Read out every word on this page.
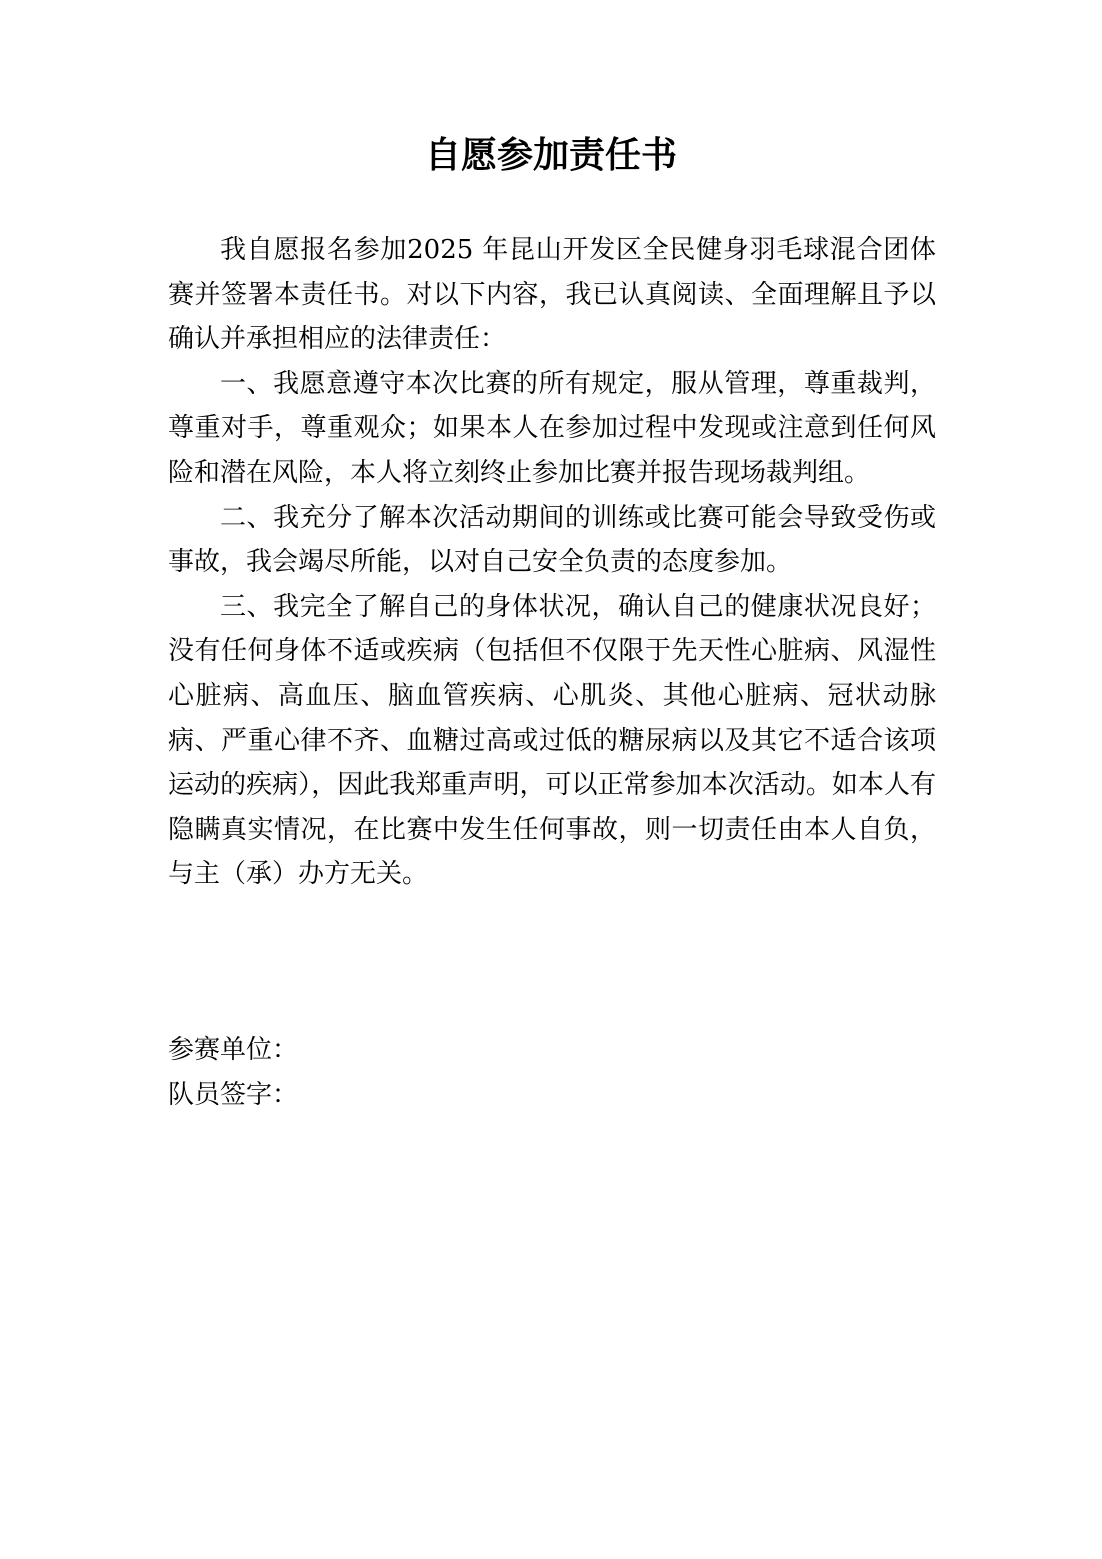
自愿参加责任书

我自愿报名参加2025 年昆山开发区全民健身羽毛球混合团体赛并签署本责任书。对以下内容，我已认真阅读、全面理解且予以确认并承担相应的法律责任：

一、我愿意遵守本次比赛的所有规定，服从管理，尊重裁判，尊重对手，尊重观众；如果本人在参加过程中发现或注意到任何风险和潜在风险，本人将立刻终止参加比赛并报告现场裁判组。

二、我充分了解本次活动期间的训练或比赛可能会导致受伤或事故，我会竭尽所能，以对自己安全负责的态度参加。

三、我完全了解自己的身体状况，确认自己的健康状况良好；没有任何身体不适或疾病（包括但不仅限于先天性心脏病、风湿性心脏病、高血压、脑血管疾病、心肌炎、其他心脏病、冠状动脉病、严重心律不齐、血糖过高或过低的糖尿病以及其它不适合该项运动的疾病），因此我郑重声明，可以正常参加本次活动。如本人有隐瞒真实情况，在比赛中发生任何事故，则一切责任由本人自负，与主（承）办方无关。

参赛单位：
队员签字：
